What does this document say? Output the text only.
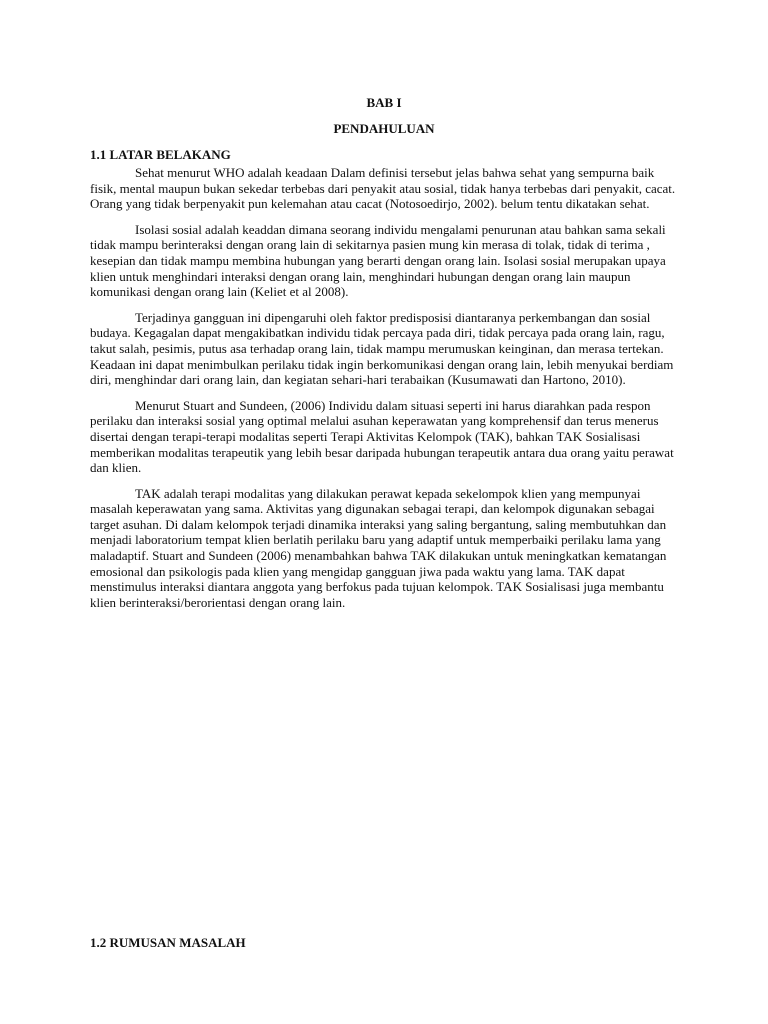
BAB I
PENDAHULUAN
1.1 LATAR BELAKANG

Sehat menurut WHO adalah keadaan Dalam definisi tersebut jelas bahwa sehat yang sempurna baik fisik, mental maupun bukan sekedar terbebas dari penyakit atau sosial, tidak hanya terbebas dari penyakit, cacat. Orang yang tidak berpenyakit pun kelemahan atau cacat (Notosoedirjo, 2002). belum tentu dikatakan sehat.

Isolasi sosial adalah keaddan dimana seorang individu mengalami penurunan atau bahkan sama sekali tidak mampu berinteraksi dengan orang lain di sekitarnya pasien mung kin merasa di tolak, tidak di terima , kesepian dan tidak mampu membina hubungan yang berarti dengan orang lain. Isolasi sosial merupakan upaya klien untuk menghindari interaksi dengan orang lain, menghindari hubungan dengan orang lain maupun komunikasi dengan orang lain (Keliet et al 2008).

Terjadinya gangguan ini dipengaruhi oleh faktor predisposisi diantaranya perkembangan dan sosial budaya. Kegagalan dapat mengakibatkan individu tidak percaya pada diri, tidak percaya pada orang lain, ragu, takut salah, pesimis, putus asa terhadap orang lain, tidak mampu merumuskan keinginan, dan merasa tertekan. Keadaan ini dapat menimbulkan perilaku tidak ingin berkomunikasi dengan orang lain, lebih menyukai berdiam diri, menghindar dari orang lain, dan kegiatan sehari-hari terabaikan (Kusumawati dan Hartono, 2010).

Menurut Stuart and Sundeen, (2006) Individu dalam situasi seperti ini harus diarahkan pada respon perilaku dan interaksi sosial yang optimal melalui asuhan keperawatan yang komprehensif dan terus menerus disertai dengan terapi-terapi modalitas seperti Terapi Aktivitas Kelompok (TAK), bahkan TAK Sosialisasi memberikan modalitas terapeutik yang lebih besar daripada hubungan terapeutik antara dua orang yaitu perawat dan klien.

TAK adalah terapi modalitas yang dilakukan perawat kepada sekelompok klien yang mempunyai masalah keperawatan yang sama. Aktivitas yang digunakan sebagai terapi, dan kelompok digunakan sebagai target asuhan. Di dalam kelompok terjadi dinamika interaksi yang saling bergantung, saling membutuhkan dan menjadi laboratorium tempat klien berlatih perilaku baru yang adaptif untuk memperbaiki perilaku lama yang maladaptif. Stuart and Sundeen (2006) menambahkan bahwa TAK dilakukan untuk meningkatkan kematangan emosional dan psikologis pada klien yang mengidap gangguan jiwa pada waktu yang lama. TAK dapat menstimulus interaksi diantara anggota yang berfokus pada tujuan kelompok. TAK Sosialisasi juga membantu klien berinteraksi/berorientasi dengan orang lain.

1.2 RUMUSAN MASALAH
